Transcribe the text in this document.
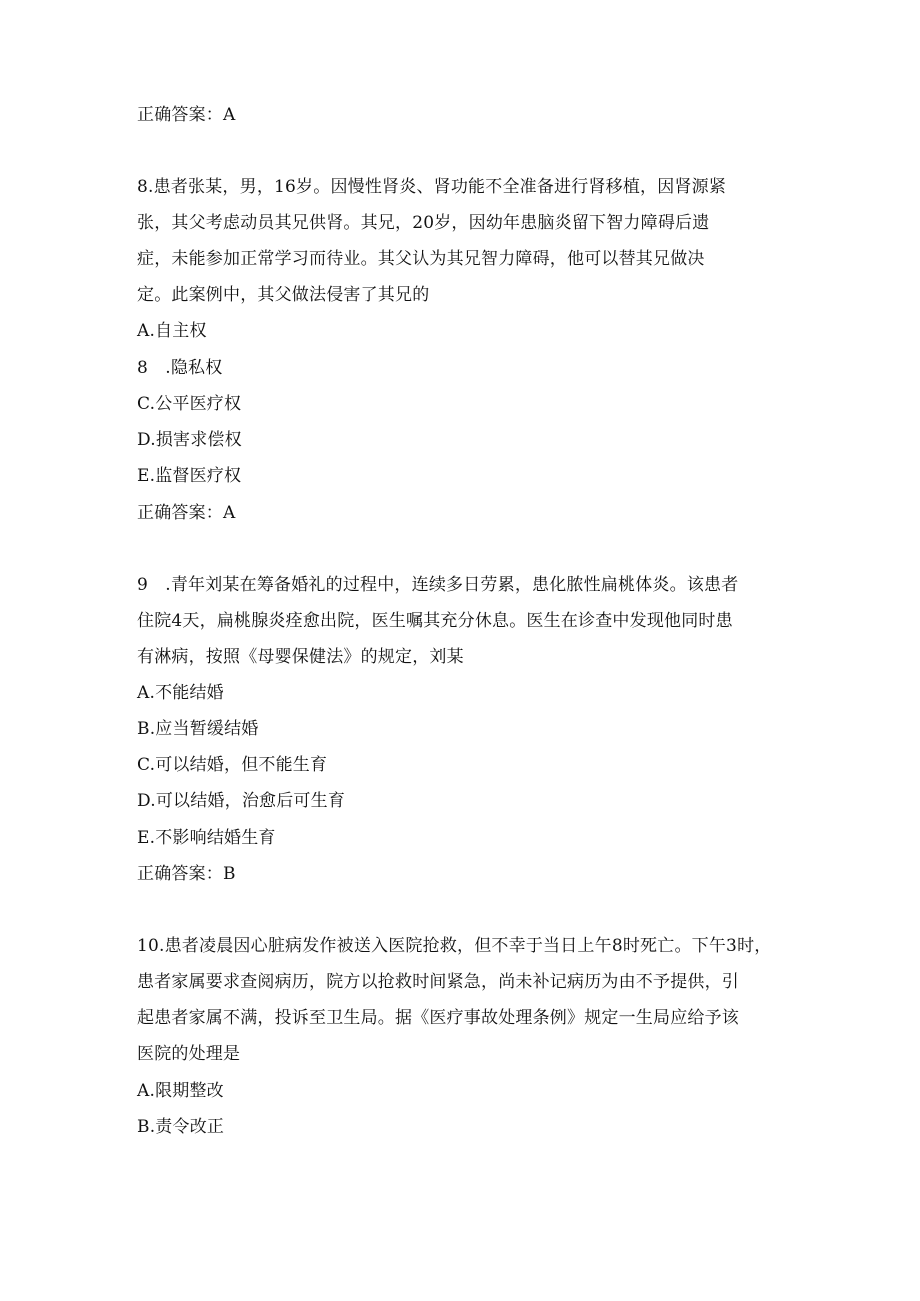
正确答案：A
8.患者张某，男，16岁。因慢性肾炎、肾功能不全准备进行肾移植，因肾源紧
张，其父考虑动员其兄供肾。其兄，20岁，因幼年患脑炎留下智力障碍后遗
症，未能参加正常学习而待业。其父认为其兄智力障碍，他可以替其兄做决
定。此案例中，其父做法侵害了其兄的
A.自主权
8　.隐私权
C.公平医疗权
D.损害求偿权
E.监督医疗权
正确答案：A
9　.青年刘某在筹备婚礼的过程中，连续多日劳累，患化脓性扁桃体炎。该患者
住院4天，扁桃腺炎痊愈出院，医生嘱其充分休息。医生在诊查中发现他同时患
有淋病，按照《母婴保健法》的规定，刘某
A.不能结婚
B.应当暂缓结婚
C.可以结婚，但不能生育
D.可以结婚，治愈后可生育
E.不影响结婚生育
正确答案：B
10.患者凌晨因心脏病发作被送入医院抢救，但不幸于当日上午8时死亡。下午3时，
患者家属要求查阅病历，院方以抢救时间紧急，尚未补记病历为由不予提供，引
起患者家属不满，投诉至卫生局。据《医疗事故处理条例》规定一生局应给予该
医院的处理是
A.限期整改
B.责令改正
